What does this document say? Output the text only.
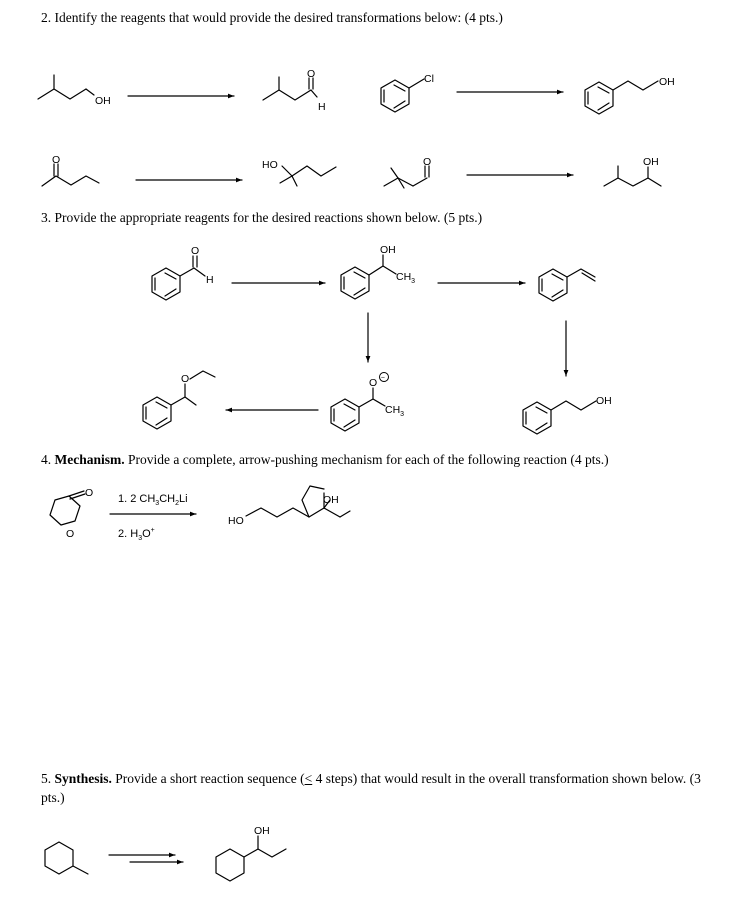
2. Identify the reagents that would provide the desired transformations below: (4 pts.)
3. Provide the appropriate reagents for the desired reactions shown below. (5 pts.)
4. Mechanism. Provide a complete, arrow-pushing mechanism for each of the following reaction (4 pts.)
5. Synthesis. Provide a short reaction sequence (< 4 steps) that would result in the overall transformation shown below. (3 pts.)
OH
O
H
Cl	OH
O	HO	O	OH
O
H
OH
$CH_3$
OH
O −
$CH_3$
O
O
O
1. 2 $CH_3CH_2Li$
2. $H_3O^+$
HO
OH
OH
